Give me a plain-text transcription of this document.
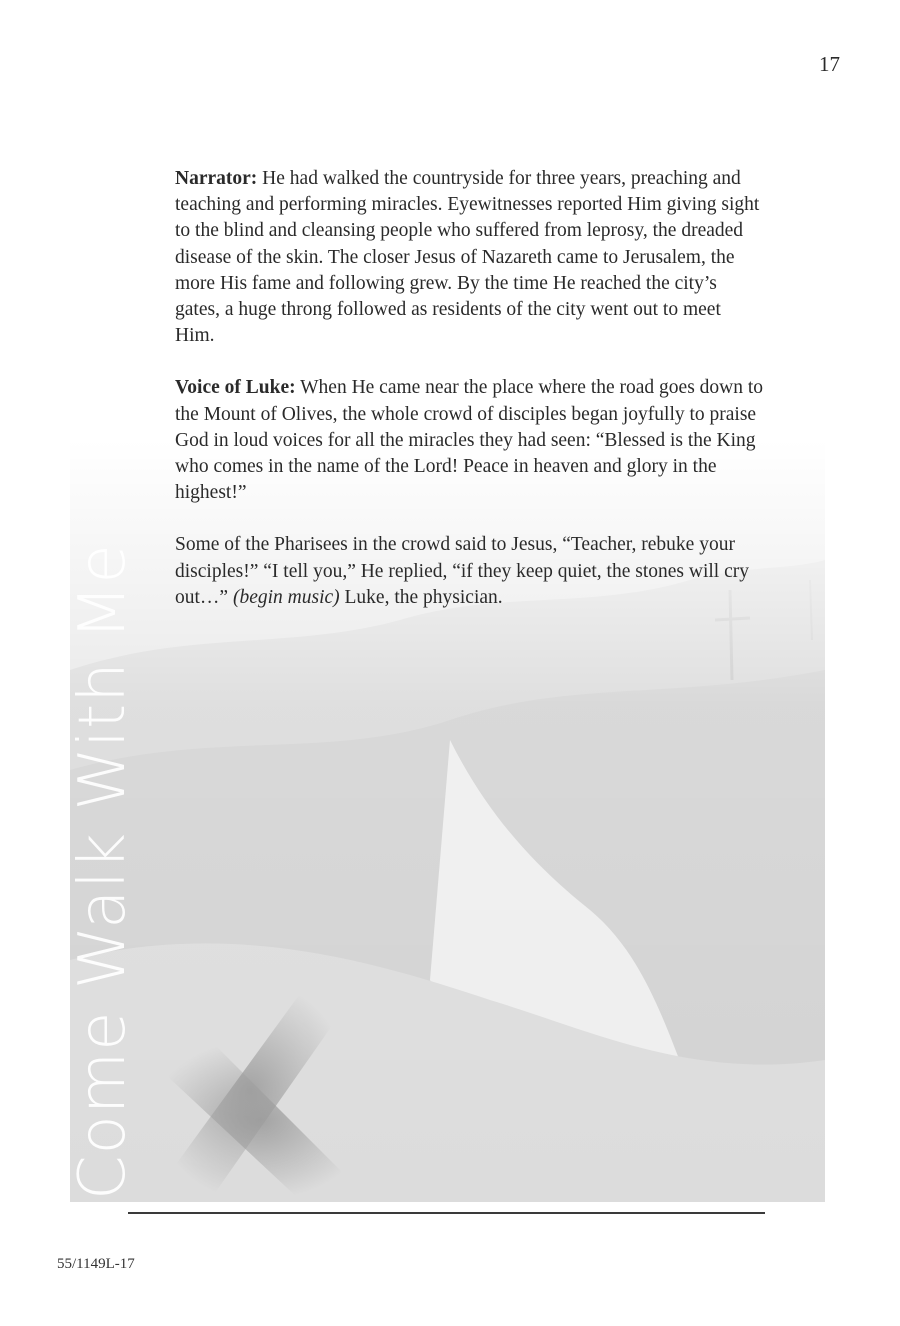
17
Come Walk With Me

Narrator: He had walked the countryside for three years, preaching and teaching and performing miracles. Eyewitnesses reported Him giving sight to the blind and cleansing people who suffered from leprosy, the dreaded disease of the skin. The closer Jesus of Nazareth came to Jerusalem, the more His fame and following grew. By the time He reached the city’s gates, a huge throng followed as residents of the city went out to meet Him.

Voice of Luke: When He came near the place where the road goes down to the Mount of Olives, the whole crowd of disciples began joyfully to praise God in loud voices for all the miracles they had seen: “Blessed is the King who comes in the name of the Lord! Peace in heaven and glory in the highest!”

Some of the Pharisees in the crowd said to Jesus, “Teacher, rebuke your disciples!” “I tell you,” He replied, “if they keep quiet, the stones will cry out…” (begin music) Luke, the physician.

55/1149L-17
